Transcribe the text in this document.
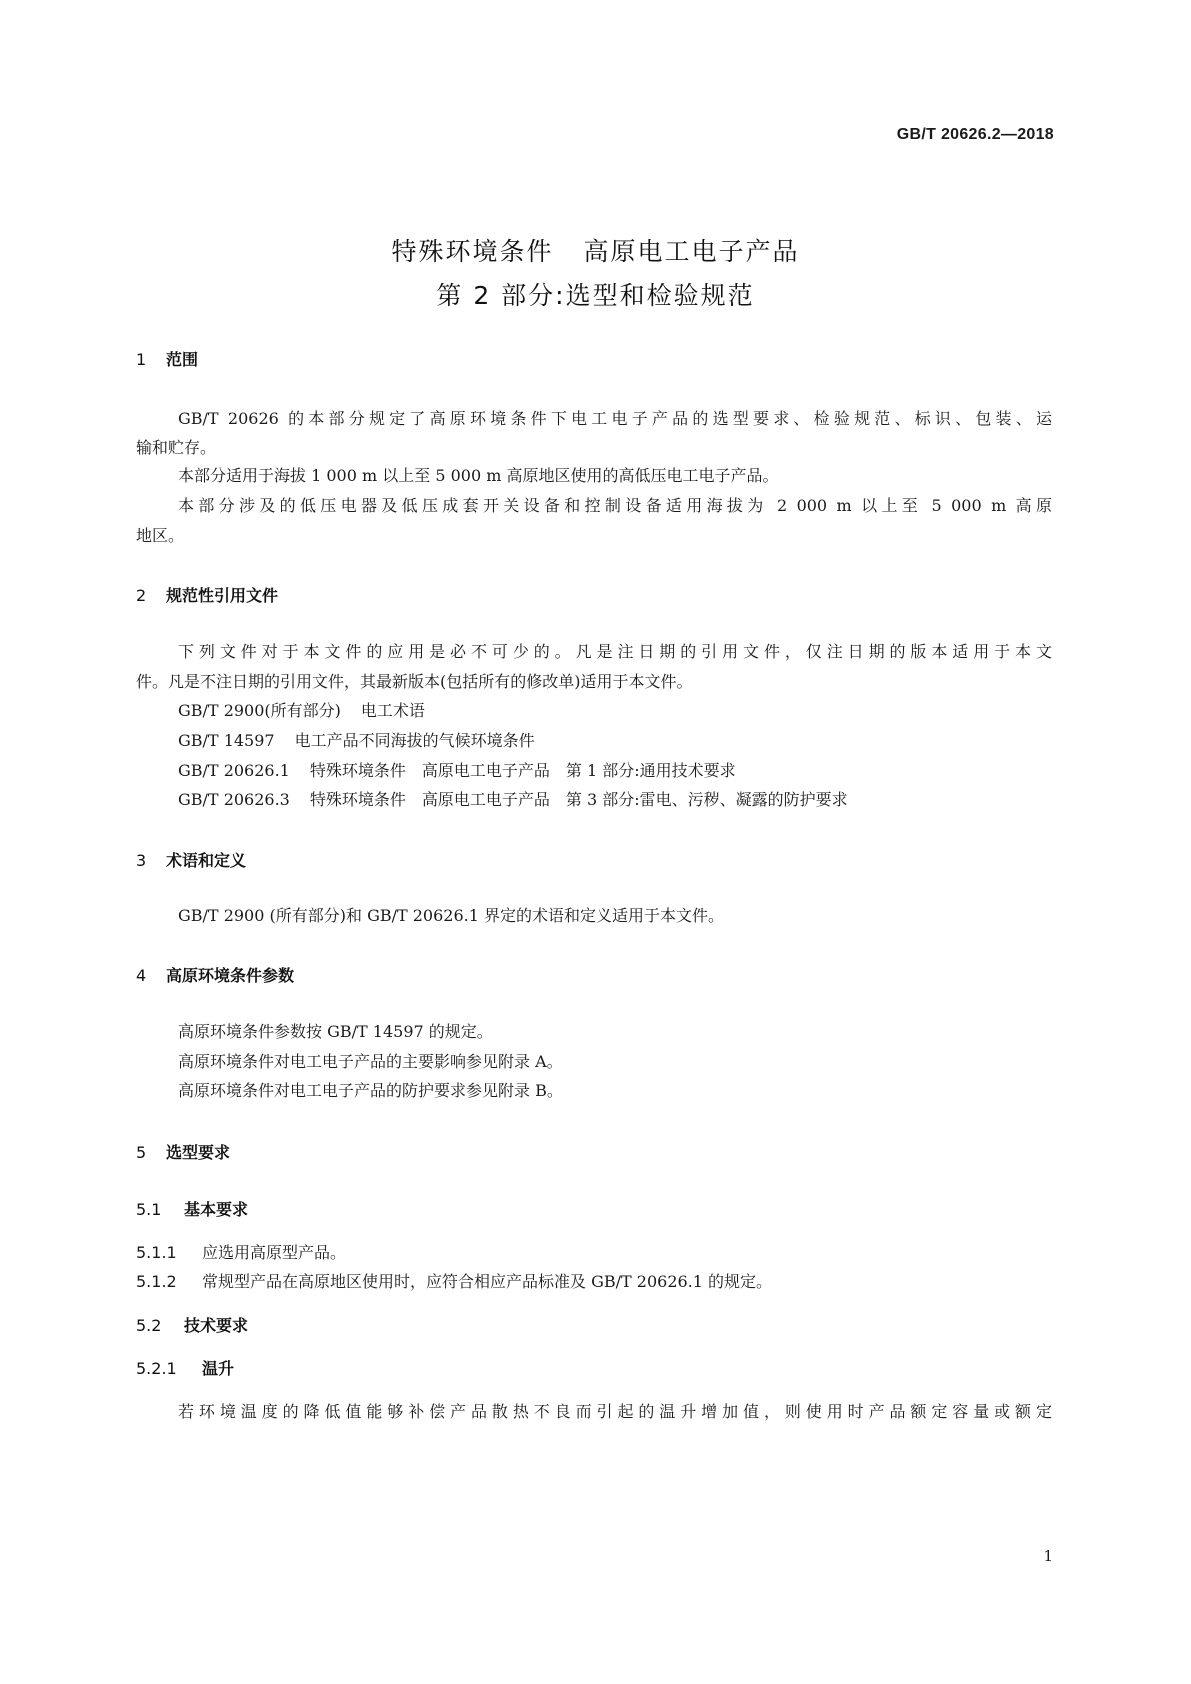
GB/T 20626.2—2018
特殊环境条件 高原电工电子产品
第 2 部分:选型和检验规范
1 范围
GB/T 20626 的本部分规定了高原环境条件下电工电子产品的选型要求、检验规范、标识、包装、运
输和贮存。
本部分适用于海拔 1 000 m 以上至 5 000 m 高原地区使用的高低压电工电子产品。
本部分涉及的低压电器及低压成套开关设备和控制设备适用海拔为 2 000 m 以上至 5 000 m 高原
地区。
2 规范性引用文件
下列文件对于本文件的应用是必不可少的。凡是注日期的引用文件，仅注日期的版本适用于本文
件。凡是不注日期的引用文件，其最新版本(包括所有的修改单)适用于本文件。
GB/T 2900(所有部分) 电工术语
GB/T 14597 电工产品不同海拔的气候环境条件
GB/T 20626.1 特殊环境条件　高原电工电子产品　第 1 部分:通用技术要求
GB/T 20626.3 特殊环境条件　高原电工电子产品　第 3 部分:雷电、污秽、凝露的防护要求
3 术语和定义
GB/T 2900 (所有部分)和 GB/T 20626.1 界定的术语和定义适用于本文件。
4 高原环境条件参数
高原环境条件参数按 GB/T 14597 的规定。
高原环境条件对电工电子产品的主要影响参见附录 A。
高原环境条件对电工电子产品的防护要求参见附录 B。
5 选型要求
5.1 基本要求
5.1.1 应选用高原型产品。
5.1.2 常规型产品在高原地区使用时，应符合相应产品标准及 GB/T 20626.1 的规定。
5.2 技术要求
5.2.1 温升
若环境温度的降低值能够补偿产品散热不良而引起的温升增加值，则使用时产品额定容量或额定
1
